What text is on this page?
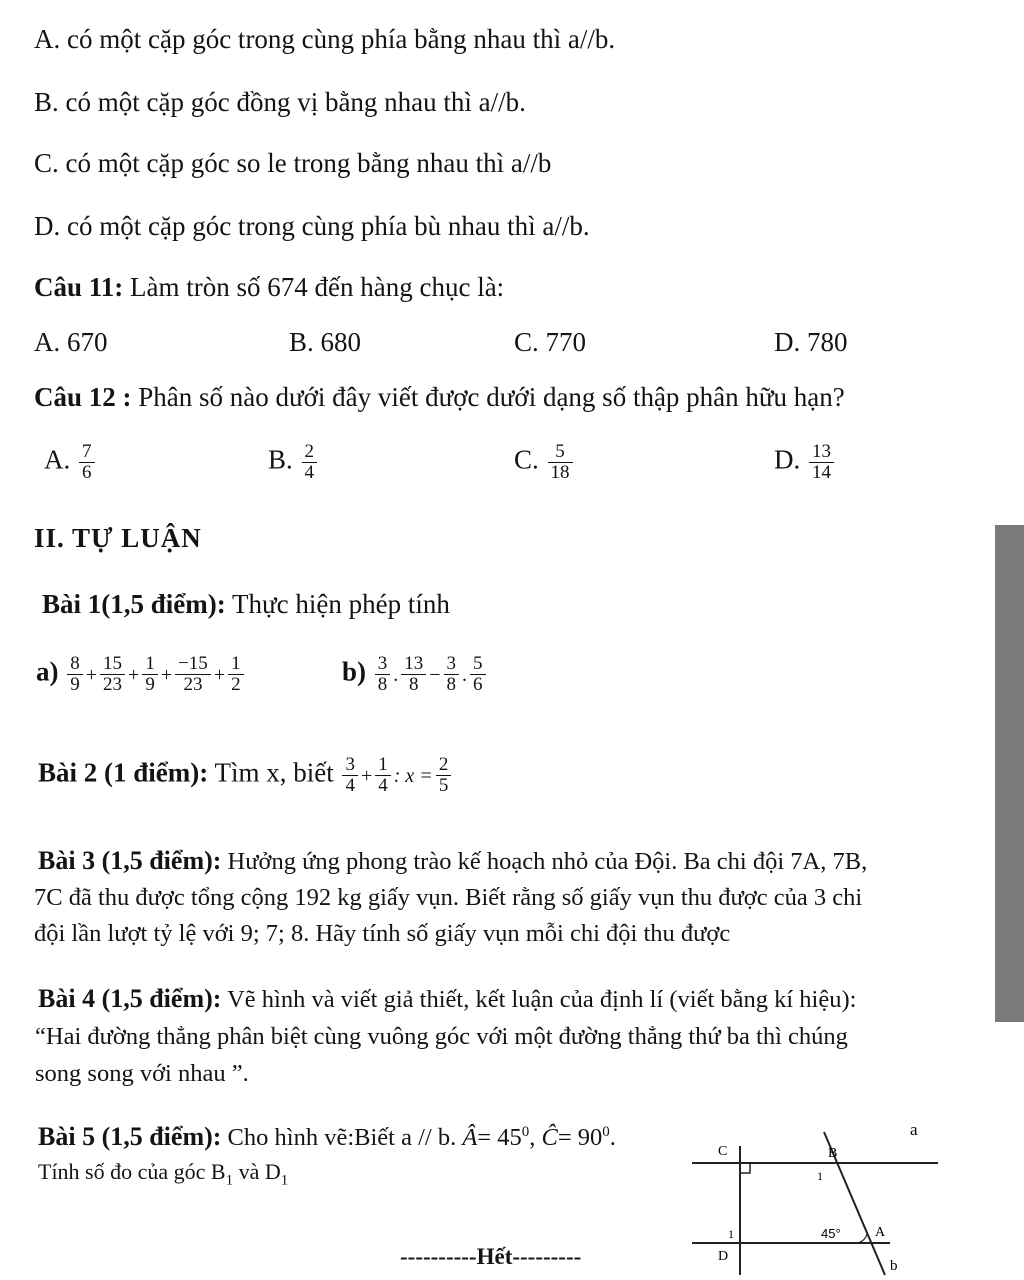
A. có một cặp góc trong cùng phía bằng nhau thì a//b.
B. có một cặp góc đồng vị bằng nhau thì a//b.
C. có một cặp góc so le trong bằng nhau thì a//b
D. có một cặp góc trong cùng phía bù nhau thì a//b.
Câu 11: Làm tròn số 674 đến hàng chục là:
A. 670	B. 680	C. 770	D. 780
Câu 12 : Phân số nào dưới đây viết được dưới dạng số thập phân hữu hạn?
A. $\frac{7}{6}$	B. $\frac{2}{4}$	C. $\frac{5}{18}$	D. $\frac{13}{14}$
II. TỰ LUẬN
Bài 1(1,5 điểm): Thực hiện phép tính
$a) \frac{8}{9} + \frac{15}{23} + \frac{1}{9} + \frac{-15}{23} + \frac{1}{2}$	$b) \frac{3}{8}$ . $\frac{13}{8} - \frac{3}{8}$ . $\frac{5}{6}$
Bài 2 (1 điểm): Tìm x, biết $\frac{3}{4} + \frac{1}{4}$ : $x = \frac{2}{5}$
Bài 3 (1,5 điểm): Hưởng ứng phong trào kế hoạch nhỏ của Đội. Ba chi đội 7A, 7B,
7C đã thu được tổng cộng 192 kg giấy vụn. Biết rằng số giấy vụn thu được của 3 chi
đội lần lượt tỷ lệ với 9; 7; 8. Hãy tính số giấy vụn mỗi chi đội thu được
Bài 4 (1,5 điểm): Vẽ hình và viết giả thiết, kết luận của định lí (viết bằng kí hiệu):
“Hai đường thẳng phân biệt cùng vuông góc với một đường thẳng thứ ba thì chúng
song song với nhau ”.
Bài 5 (1,5 điểm): Cho hình vẽ:Biết a // b. Â= $45^0$, Ĉ= $90^0$.
Tính số đo của góc $B_1$ và $D_1$
----------Hết---------
a
C	B
1
1	45° A
D
b
